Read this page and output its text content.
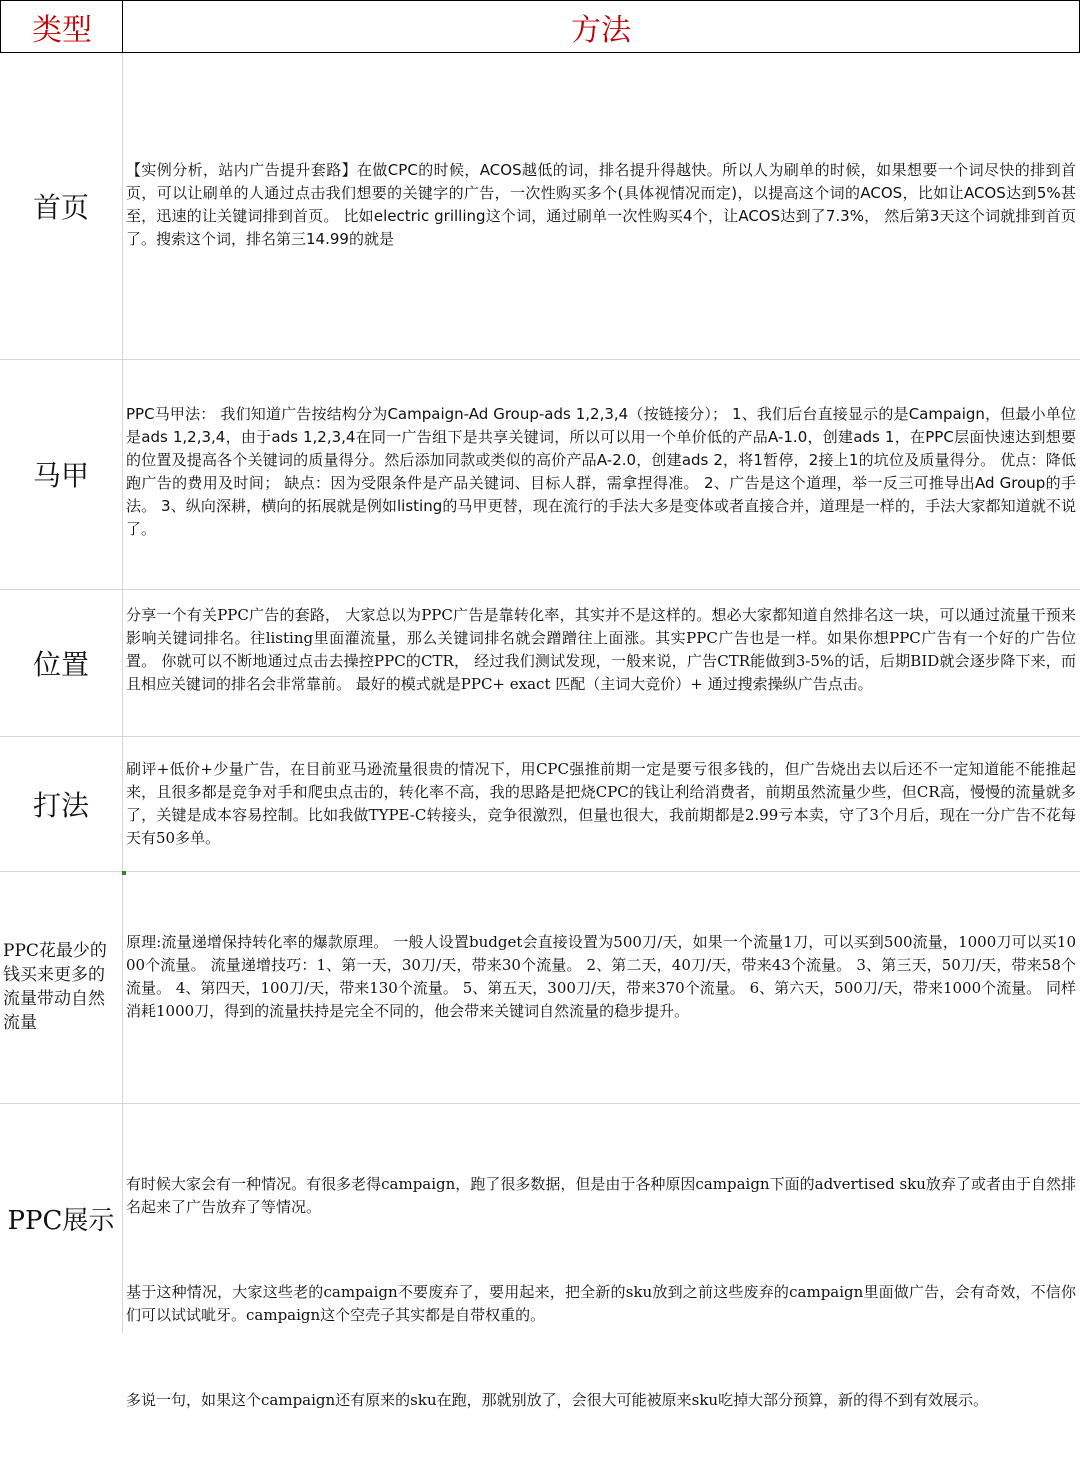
类型	方法
首页
【实例分析，站内广告提升套路】在做CPC的时候，ACOS越低的词，排名提升得越快。所以人为刷单的时候，如果想要一个词尽快的排到首页，可以让刷单的人通过点击我们想要的关键字的广告，一次性购买多个(具体视情况而定)，以提高这个词的ACOS，比如让ACOS达到5%甚至，迅速的让关键词排到首页。 比如electric grilling这个词，通过刷单一次性购买4个，让ACOS达到了7.3%， 然后第3天这个词就排到首页了。搜索这个词，排名第三14.99的就是
马甲
PPC马甲法： 我们知道广告按结构分为Campaign-Ad Group-ads 1,2,3,4（按链接分）； 1、我们后台直接显示的是Campaign，但最小单位是ads 1,2,3,4，由于ads 1,2,3,4在同一广告组下是共享关键词，所以可以用一个单价低的产品A-1.0，创建ads 1，在PPC层面快速达到想要的位置及提高各个关键词的质量得分。然后添加同款或类似的高价产品A-2.0，创建ads 2，将1暂停，2接上1的坑位及质量得分。 优点：降低跑广告的费用及时间； 缺点：因为受限条件是产品关键词、目标人群，需拿捏得准。 2、广告是这个道理，举一反三可推导出Ad Group的手法。 3、纵向深耕，横向的拓展就是例如listing的马甲更替，现在流行的手法大多是变体或者直接合并，道理是一样的，手法大家都知道就不说了。
位置
分享一个有关PPC广告的套路， 大家总以为PPC广告是靠转化率，其实并不是这样的。想必大家都知道自然排名这一块，可以通过流量干预来影响关键词排名。往listing里面灌流量，那么关键词排名就会蹭蹭往上面涨。其实PPC广告也是一样。如果你想PPC广告有一个好的广告位置。 你就可以不断地通过点击去操控PPC的CTR， 经过我们测试发现，一般来说，广告CTR能做到3-5%的话，后期BID就会逐步降下来，而且相应关键词的排名会非常靠前。 最好的模式就是PPC+ exact 匹配（主词大竞价）+ 通过搜索操纵广告点击。
打法
刷评+低价+少量广告，在目前亚马逊流量很贵的情况下，用CPC强推前期一定是要亏很多钱的，但广告烧出去以后还不一定知道能不能推起来，且很多都是竞争对手和爬虫点击的，转化率不高，我的思路是把烧CPC的钱让利给消费者，前期虽然流量少些，但CR高，慢慢的流量就多了，关键是成本容易控制。比如我做TYPE-C转接头，竞争很激烈，但量也很大，我前期都是2.99亏本卖，守了3个月后，现在一分广告不花每天有50多单。
PPC花最少的钱买来更多的流量带动自然流量
原理:流量递增保持转化率的爆款原理。 一般人设置budget会直接设置为500刀/天，如果一个流量1刀，可以买到500流量，1000刀可以买1000个流量。 流量递增技巧：1、第一天，30刀/天，带来30个流量。 2、第二天，40刀/天，带来43个流量。 3、第三天，50刀/天，带来58个流量。 4、第四天，100刀/天，带来130个流量。 5、第五天，300刀/天，带来370个流量。 6、第六天，500刀/天，带来1000个流量。 同样消耗1000刀，得到的流量扶持是完全不同的，他会带来关键词自然流量的稳步提升。
PPC展示

有时候大家会有一种情况。有很多老得campaign，跑了很多数据，但是由于各种原因campaign下面的advertised sku放弃了或者由于自然排名起来了广告放弃了等情况。

基于这种情况，大家这些老的campaign不要废弃了，要用起来，把全新的sku放到之前这些废弃的campaign里面做广告，会有奇效，不信你们可以试试呲牙。campaign这个空壳子其实都是自带权重的。

多说一句，如果这个campaign还有原来的sku在跑，那就别放了，会很大可能被原来sku吃掉大部分预算，新的得不到有效展示。
